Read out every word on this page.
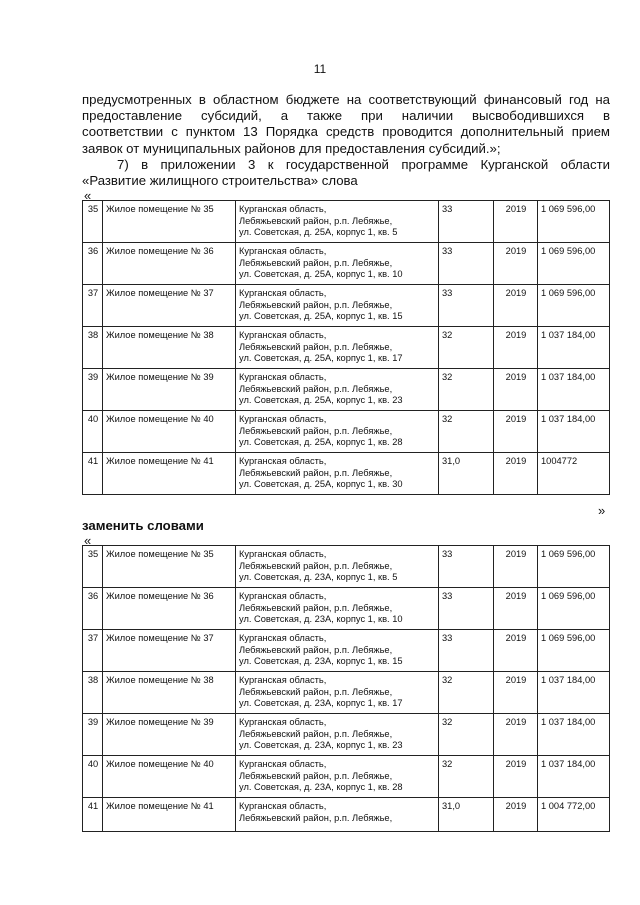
11
предусмотренных в областном бюджете на соответствующий финансовый год на
предоставление субсидий, а также при наличии высвободившихся в
соответствии с пунктом 13 Порядка средств проводится дополнительный прием
заявок от муниципальных районов для предоставления субсидий.»;
7) в приложении 3 к государственной программе Курганской области
«Развитие жилищного строительства» слова
«
35	Жилое помещение № 35	Курганская область,
Лебяжьевский район, р.п. Лебяжье,
ул. Советская, д. 25А, корпус 1, кв. 5	33	2019	1 069 596,00
36	Жилое помещение № 36	Курганская область,
Лебяжьевский район, р.п. Лебяжье,
ул. Советская, д. 25А, корпус 1, кв. 10	33	2019	1 069 596,00
37	Жилое помещение № 37	Курганская область,
Лебяжьевский район, р.п. Лебяжье,
ул. Советская, д. 25А, корпус 1, кв. 15	33	2019	1 069 596,00
38	Жилое помещение № 38	Курганская область,
Лебяжьевский район, р.п. Лебяжье,
ул. Советская, д. 25А, корпус 1, кв. 17	32	2019	1 037 184,00
39	Жилое помещение № 39	Курганская область,
Лебяжьевский район, р.п. Лебяжье,
ул. Советская, д. 25А, корпус 1, кв. 23	32	2019	1 037 184,00
40	Жилое помещение № 40	Курганская область,
Лебяжьевский район, р.п. Лебяжье,
ул. Советская, д. 25А, корпус 1, кв. 28	32	2019	1 037 184,00
41	Жилое помещение № 41	Курганская область,
Лебяжьевский район, р.п. Лебяжье,
ул. Советская, д. 25А, корпус 1, кв. 30	31,0	2019	1004772
»
заменить словами
«
35	Жилое помещение № 35	Курганская область,
Лебяжьевский район, р.п. Лебяжье,
ул. Советская, д. 23А, корпус 1, кв. 5	33	2019	1 069 596,00
36	Жилое помещение № 36	Курганская область,
Лебяжьевский район, р.п. Лебяжье,
ул. Советская, д. 23А, корпус 1, кв. 10	33	2019	1 069 596,00
37	Жилое помещение № 37	Курганская область,
Лебяжьевский район, р.п. Лебяжье,
ул. Советская, д. 23А, корпус 1, кв. 15	33	2019	1 069 596,00
38	Жилое помещение № 38	Курганская область,
Лебяжьевский район, р.п. Лебяжье,
ул. Советская, д. 23А, корпус 1, кв. 17	32	2019	1 037 184,00
39	Жилое помещение № 39	Курганская область,
Лебяжьевский район, р.п. Лебяжье,
ул. Советская, д. 23А, корпус 1, кв. 23	32	2019	1 037 184,00
40	Жилое помещение № 40	Курганская область,
Лебяжьевский район, р.п. Лебяжье,
ул. Советская, д. 23А, корпус 1, кв. 28	32	2019	1 037 184,00
41	Жилое помещение № 41	Курганская область,
Лебяжьевский район, р.п. Лебяжье,	31,0	2019	1 004 772,00
